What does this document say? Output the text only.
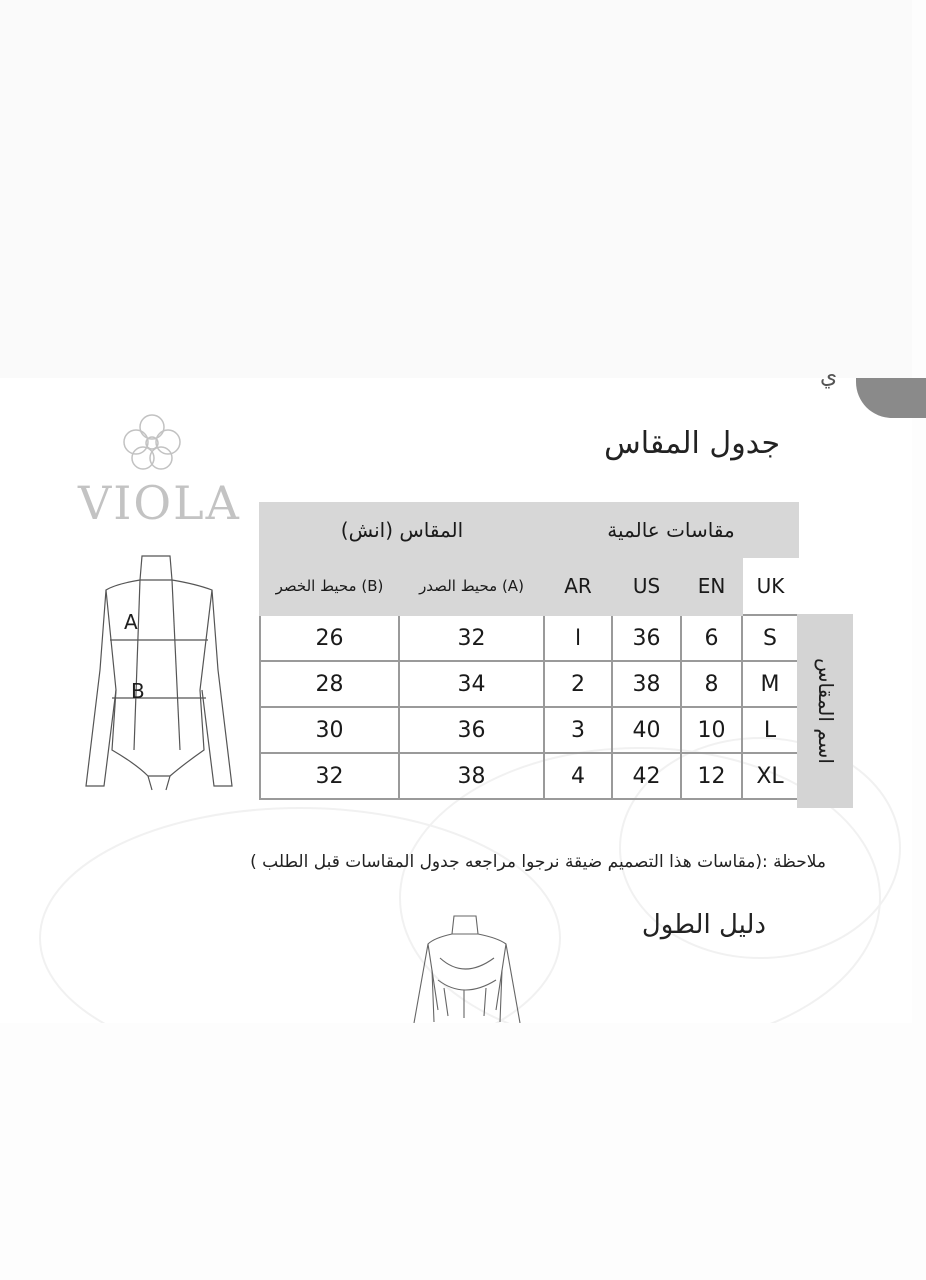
ي
VIOLA
جدول المقاس
A
B
المقاس (انش)		مقاسات عالمية			
محيط الخصر (B)	محيط الصدر (A)	AR	US	EN	UK
26	32	ا	36	6	S
28	34	2	38	8	M
30	36	3	40	10	L
32	38	4	42	12	XL
اسم المقاس
ملاحظة :(مقاسات هذا التصميم ضيقة نرجوا مراجعه جدول المقاسات قبل الطلب )
دليل الطول
